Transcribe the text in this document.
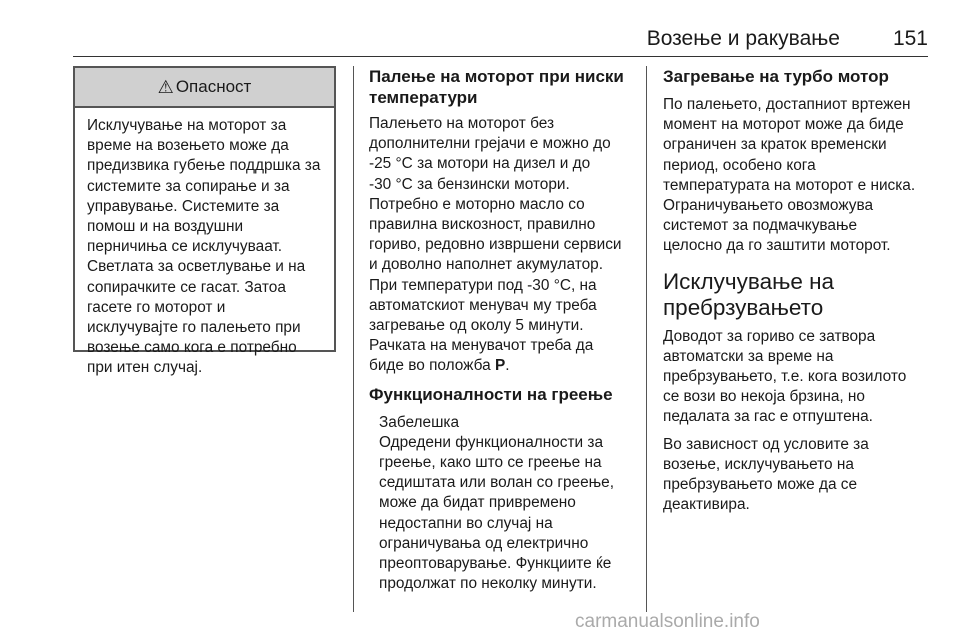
Возење и ракување	151
⚠ Опасност
Исклучување на моторот за
време на возењето може да
предизвика губење поддршка за
системите за сопирање и за
управување. Системите за
помош и на воздушни
перничиња се исклучуваат.
Светлата за осветлување и на
сопирачките се гасат. Затоа
гасете го моторот и
исклучувајте го палењето при
возење само кога е потребно
при итен случај.
Палење на моторот при ниски
температури
Палењето на моторот без
дополнителни грејачи е можно до
-25 °C за мотори на дизел и до
-30 °C за бензински мотори.
Потребно е моторно масло со
правилна вискозност, правилно
гориво, редовно извршени сервиси
и доволно наполнет акумулатор.
При температури под -30 °C, на
автоматскиот менувач му треба
загревање од околу 5 минути.
Рачката на менувачот треба да
биде во положба P.
Функционалности на греење
Забелешка
Одредени функционалности за
греење, како што се греење на
седиштата или волан со греење,
може да бидат привремено
недостапни во случај на
ограничувања од електрично
преоптоварување. Функциите ќе
продолжат по неколку минути.
Загревање на турбо мотор
По палењето, достапниот вртежен
момент на моторот може да биде
ограничен за краток временски
период, особено кога
температурата на моторот е ниска.
Ограничувањето овозможува
системот за подмачкување
целосно да го заштити моторот.
Исклучување на
пребрзувањето
Доводот за гориво се затвора
автоматски за време на
пребрзувањето, т.е. кога возилото
се вози во некоја брзина, но
педалата за гас е отпуштена.
Во зависност од условите за
возење, исклучувањето на
пребрзувањето може да се
деактивира.
carmanualsonline.info
